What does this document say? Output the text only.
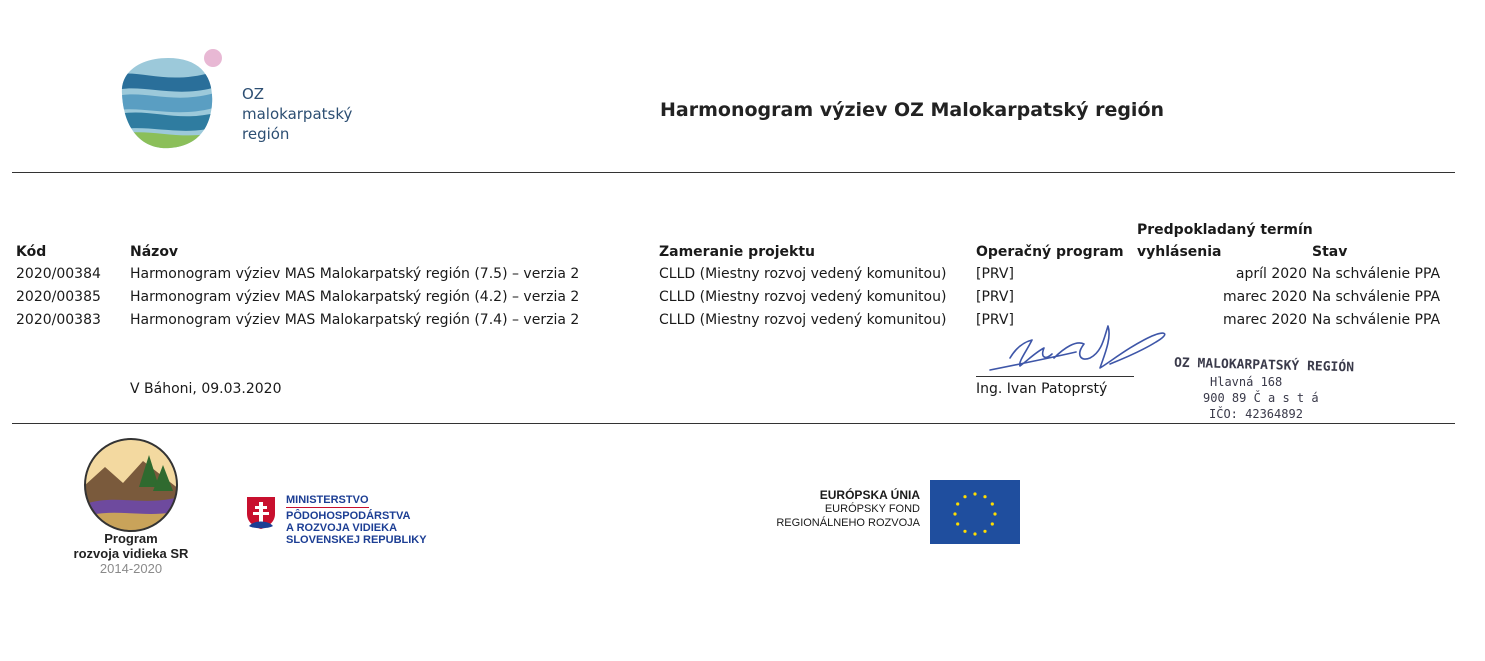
OZ
malokarpatský
región
Harmonogram výziev OZ Malokarpatský región
Kód	Názov	Zameranie projektu	Operačný program
Predpokladaný termín
vyhlásenia	Stav
2020/00384 Harmonogram výziev MAS Malokarpatský región (7.5) – verzia 2	CLLD (Miestny rozvoj vedený komunitou) [PRV]	apríl 2020 Na schválenie PPA
2020/00385 Harmonogram výziev MAS Malokarpatský región (4.2) – verzia 2	CLLD (Miestny rozvoj vedený komunitou) [PRV]	marec 2020 Na schválenie PPA
2020/00383 Harmonogram výziev MAS Malokarpatský región (7.4) – verzia 2	CLLD (Miestny rozvoj vedený komunitou) [PRV]	marec 2020 Na schválenie PPA
V Báhoni, 09.03.2020	Ing. Ivan Patoprstý
OZ MALOKARPATSKÝ REGIÓN
Hlavná 168
900 89 Č a s t á
IČO: 42364892
Program
rozvoja vidieka SR
2014-2020
MINISTERSTVO
PÔDOHOSPODÁRSTVA
A ROZVOJA VIDIEKA
SLOVENSKEJ REPUBLIKY
EURÓPSKA ÚNIA
EURÓPSKY FOND
REGIONÁLNEHO ROZVOJA
